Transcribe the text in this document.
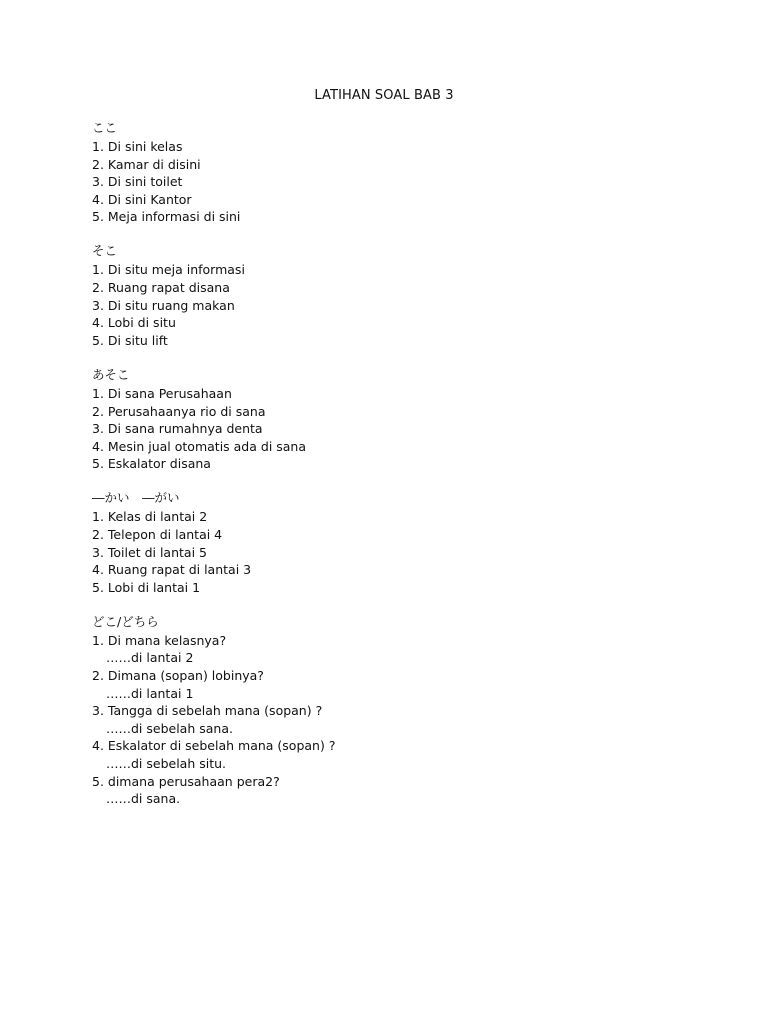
LATIHAN SOAL BAB 3
ここ
1. Di sini kelas
2. Kamar di disini
3. Di sini toilet
4. Di sini Kantor
5. Meja informasi di sini
そこ
1. Di situ meja informasi
2. Ruang rapat disana
3. Di situ ruang makan
4. Lobi di situ
5. Di situ lift
あそこ
1. Di sana Perusahaan
2. Perusahaanya rio di sana
3. Di sana rumahnya denta
4. Mesin jual otomatis ada di sana
5. Eskalator disana
―かい　―がい
1. Kelas di lantai 2
2. Telepon di lantai 4
3. Toilet di lantai 5
4. Ruang rapat di lantai 3
5. Lobi di lantai 1
どこ/どちら
1. Di mana kelasnya?
……di lantai 2
2. Dimana (sopan) lobinya?
……di lantai 1
3. Tangga di sebelah mana (sopan) ?
……di sebelah sana.
4. Eskalator di sebelah mana (sopan) ?
……di sebelah situ.
5. dimana perusahaan pera2?
……di sana.
